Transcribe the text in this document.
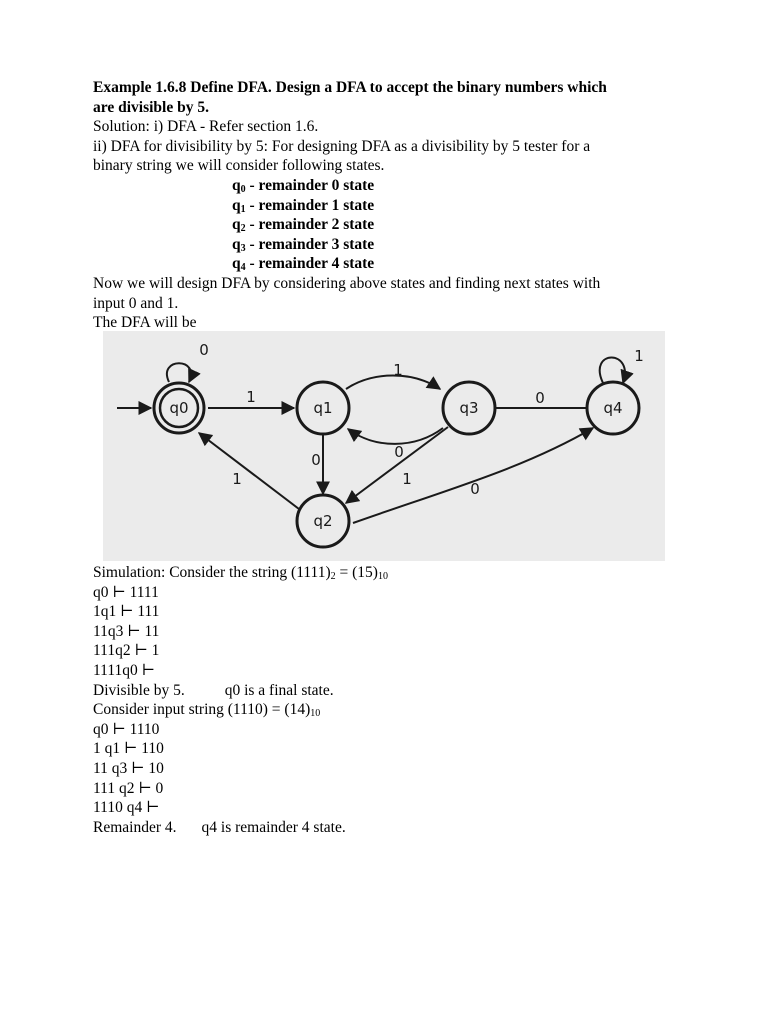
Example 1.6.8 Define DFA. Design a DFA to accept the binary numbers which
are divisible by 5.
Solution: i) DFA - Refer section 1.6.
ii) DFA for divisibility by 5: For designing DFA as a divisibility by 5 tester for a
binary string we will consider following states.
$q_0$ - remainder 0 state
$q_1$ - remainder 1 state
$q_2$ - remainder 2 state
$q_3$ - remainder 3 state
$q_4$ - remainder 4 state
Now we will design DFA by considering above states and finding next states with
input 0 and 1.
The DFA will be
0
1
1
0
0
1
1
0
0
1
q0	q1	q3	q4
q2
Simulation: Consider the string $(1111)_2 = (15)_{10}$
q0 ⊢ 1111
1q1 ⊢ 111
11q3 ⊢ 11
111q2 ⊢ 1
1111q0 ⊢
Divisible by 5.	q0 is a final state.
Consider input string $(1110) = (14)_{10}$
q0 ⊢ 1110
1 q1 ⊢ 110
11 q3 ⊢ 10
111 q2 ⊢ 0
1110 q4 ⊢
Remainder 4. q4 is remainder 4 state.
